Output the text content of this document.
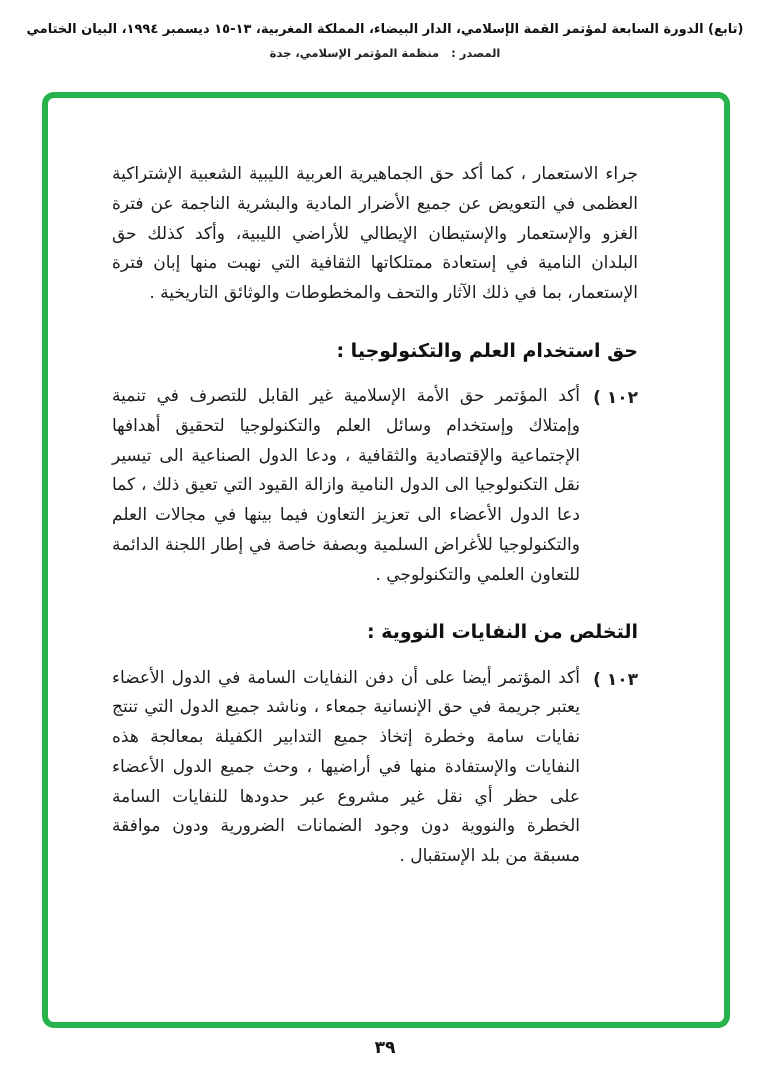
(تابع) الدورة السابعة لمؤتمر القمة الإسلامي، الدار البيضاء، المملكة المغربية، ١٣-١٥ ديسمبر ١٩٩٤، البيان الختامي
المصدر : منظمة المؤتمر الإسلامي، جدة

جراء الاستعمار ، كما أكد حق الجماهيرية العربية الليبية الشعبية الإشتراكية العظمى في التعويض عن جميع الأضرار المادية والبشرية الناجمة عن فترة الغزو والإستعمار والإستيطان الإيطالي للأراضي الليبية، وأكد كذلك حق البلدان النامية في إستعادة ممتلكاتها الثقافية التي نهبت منها إبان فترة الإستعمار، بما في ذلك الآثار والتحف والمخطوطات والوثائق التاريخية .

حق استخدام العلم والتكنولوجيا :
١٠٢ )
أكد المؤتمر حق الأمة الإسلامية غير القابل للتصرف في تنمية وإمتلاك وإستخدام وسائل العلم والتكنولوجيا لتحقيق أهدافها الإجتماعية والإقتصادية والثقافية ، ودعا الدول الصناعية الى تيسير نقل التكنولوجيا الى الدول النامية وازالة القيود التي تعيق ذلك ، كما دعا الدول الأعضاء الى تعزيز التعاون فيما بينها في مجالات العلم والتكنولوجيا للأغراض السلمية وبصفة خاصة في إطار اللجنة الدائمة للتعاون العلمي والتكنولوجي .
التخلص من النفايات النووية :
١٠٣ )
أكد المؤتمر أيضا على أن دفن النفايات السامة في الدول الأعضاء يعتبر جريمة في حق الإنسانية جمعاء ، وناشد جميع الدول التي تنتج نفايات سامة وخطرة إتخاذ جميع التدابير الكفيلة بمعالجة هذه النفايات والإستفادة منها في أراضيها ، وحث جميع الدول الأعضاء على حظر أي نقل غير مشروع عبر حدودها للنفايات السامة الخطرة والنووية دون وجود الضمانات الضرورية ودون موافقة مسبقة من بلد الإستقبال .
٣٩
